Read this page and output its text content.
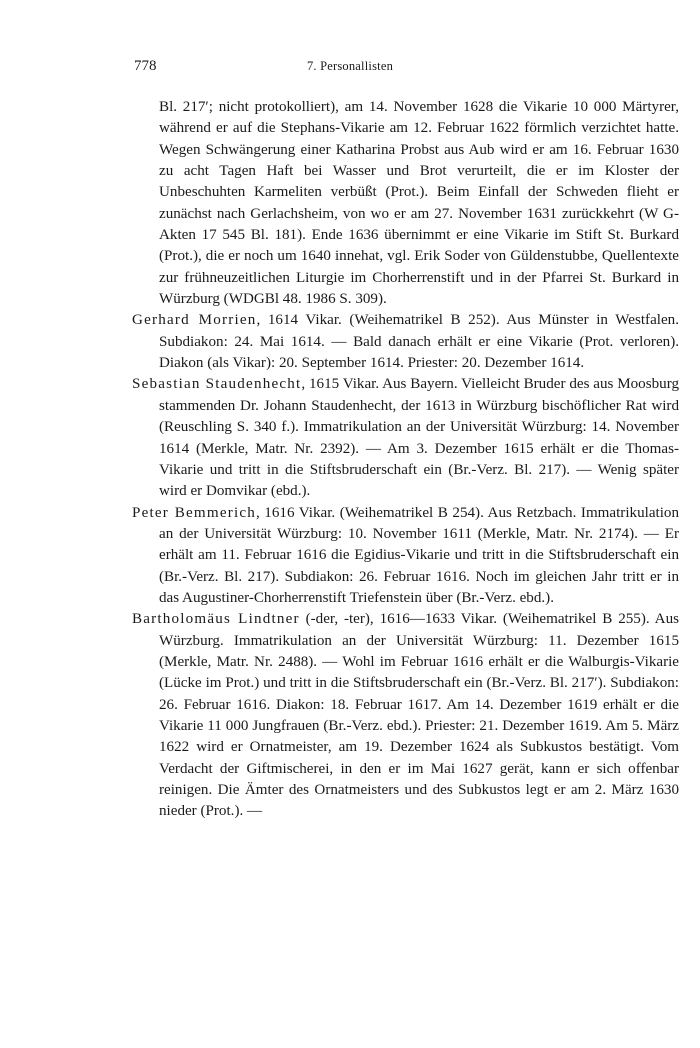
778	7. Personallisten

Bl. 217′; nicht protokolliert), am 14. November 1628 die Vikarie 10 000 Märtyrer, während er auf die Stephans-Vikarie am 12. Februar 1622 förmlich verzichtet hatte. Wegen Schwängerung einer Katharina Probst aus Aub wird er am 16. Februar 1630 zu acht Tagen Haft bei Wasser und Brot verurteilt, die er im Kloster der Unbeschuhten Karmeliten verbüßt (Prot.). Beim Einfall der Schweden flieht er zunächst nach Gerlachsheim, von wo er am 27. November 1631 zurückkehrt (W G-Akten 17 545 Bl. 181). Ende 1636 übernimmt er eine Vikarie im Stift St. Burkard (Prot.), die er noch um 1640 innehat, vgl. Erik Soder von Güldenstubbe, Quellentexte zur frühneuzeitlichen Liturgie im Chorherrenstift und in der Pfarrei St. Burkard in Würzburg (WDGBl 48. 1986 S. 309).

Gerhard Morrien, 1614 Vikar. (Weihematrikel B 252). Aus Münster in Westfalen. Subdiakon: 24. Mai 1614. — Bald danach erhält er eine Vikarie (Prot. verloren). Diakon (als Vikar): 20. September 1614. Priester: 20. Dezember 1614.

Sebastian Staudenhecht, 1615 Vikar. Aus Bayern. Vielleicht Bruder des aus Moosburg stammenden Dr. Johann Staudenhecht, der 1613 in Würzburg bischöflicher Rat wird (Reuschling S. 340 f.). Immatrikulation an der Universität Würzburg: 14. November 1614 (Merkle, Matr. Nr. 2392). — Am 3. Dezember 1615 erhält er die Thomas-Vikarie und tritt in die Stiftsbruderschaft ein (Br.-Verz. Bl. 217). — Wenig später wird er Domvikar (ebd.).

Peter Bemmerich, 1616 Vikar. (Weihematrikel B 254). Aus Retzbach. Immatrikulation an der Universität Würzburg: 10. November 1611 (Merkle, Matr. Nr. 2174). — Er erhält am 11. Februar 1616 die Egidius-Vikarie und tritt in die Stiftsbruderschaft ein (Br.-Verz. Bl. 217). Subdiakon: 26. Februar 1616. Noch im gleichen Jahr tritt er in das Augustiner-Chorherrenstift Triefenstein über (Br.-Verz. ebd.).

Bartholomäus Lindtner (-der, -ter), 1616—1633 Vikar. (Weihematrikel B 255). Aus Würzburg. Immatrikulation an der Universität Würzburg: 11. Dezember 1615 (Merkle, Matr. Nr. 2488). — Wohl im Februar 1616 erhält er die Walburgis-Vikarie (Lücke im Prot.) und tritt in die Stiftsbruderschaft ein (Br.-Verz. Bl. 217′). Subdiakon: 26. Februar 1616. Diakon: 18. Februar 1617. Am 14. Dezember 1619 erhält er die Vikarie 11 000 Jungfrauen (Br.-Verz. ebd.). Priester: 21. Dezember 1619. Am 5. März 1622 wird er Ornatmeister, am 19. Dezember 1624 als Subkustos bestätigt. Vom Verdacht der Giftmischerei, in den er im Mai 1627 gerät, kann er sich offenbar reinigen. Die Ämter des Ornatmeisters und des Subkustos legt er am 2. März 1630 nieder (Prot.). —
